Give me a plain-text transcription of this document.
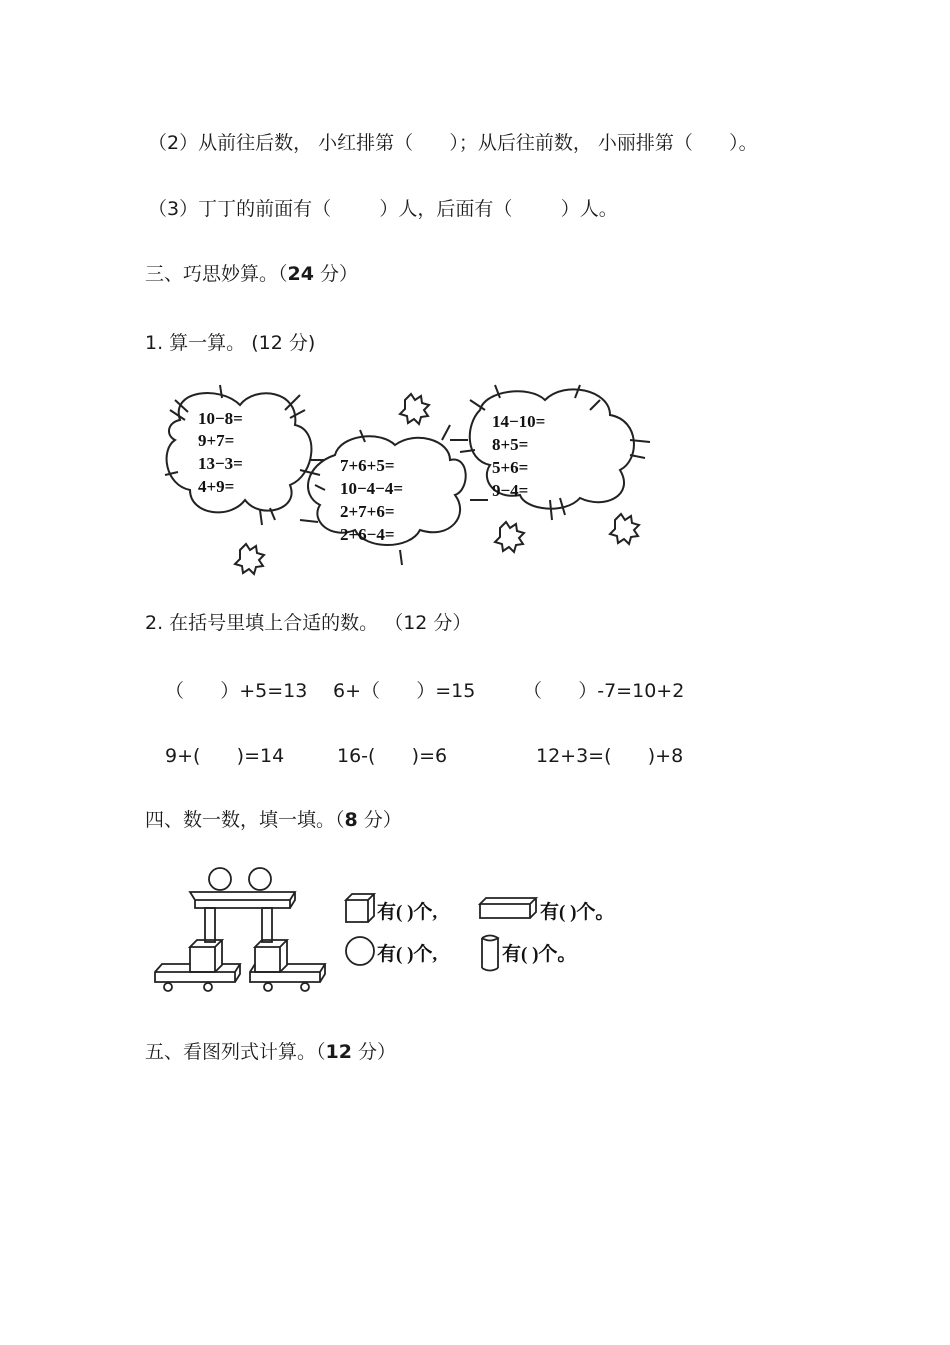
（2）从前往后数， 小红排第（      ）；从后往前数， 小丽排第（      ）。
（3）丁丁的前面有（        ）人，后面有（        ）人。
三、巧思妙算。（24 分）
1. 算一算。 (12 分)
10−8=
9+7=
13−3=
4+9=
7+6+5=
10−4−4=
2+7+6=
2+6−4=
14−10=
8+5=
5+6=
9−4=
2. 在括号里填上合适的数。 （12 分）
（      ）+5=13 6+（      ）=15	（      ）-7=10+2
9+(      )=14	16-(      )=6	12+3=(      )+8
四、数一数，填一填。（8 分）
有( )个,	有( )个。
有( )个,	有( )个。
五、看图列式计算。（12 分）
